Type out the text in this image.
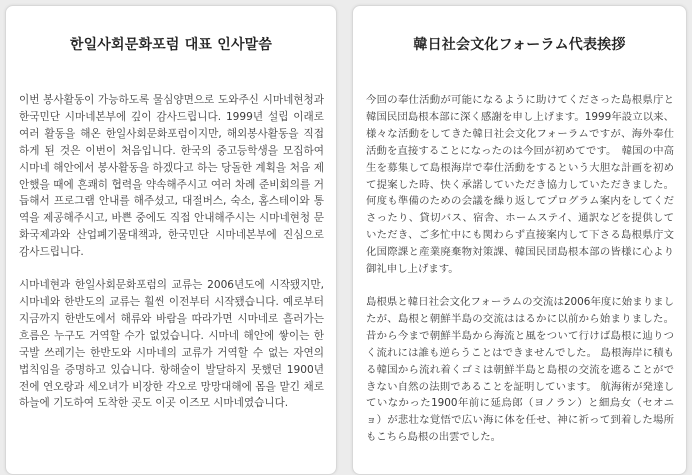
한일사회문화포럼 대표 인사말씀

이번 봉사활동이 가능하도록 물심양면으로 도와주신 시마네현청과 한국민단 시마네본부에 깊이 감사드립니다. 1999년 설립 이래로 여러 활동을 해온 한일사회문화포럼이지만, 해외봉사활동을 직접 하게 된 것은 이번이 처음입니다. 한국의 중고등학생을 모집하여 시마네 해안에서 봉사활동을 하겠다고 하는 당돌한 계획을 처음 제안했을 때에 흔쾌히 협력을 약속해주시고 여러 차례 준비회의를 거듭해서 프로그램 안내를 해주셨고, 대절버스, 숙소, 홈스테이와 통역을 제공해주시고, 바쁜 중에도 직접 안내해주시는 시마네현청 문화국제과와 산업폐기물대책과, 한국민단 시마네본부에 진심으로 감사드립니다.

시마네현과 한일사회문화포럼의 교류는 2006년도에 시작됐지만, 시마네와 한반도의 교류는 훨씬 이전부터 시작됐습니다. 예로부터 지금까지 한반도에서 해류와 바람을 따라가면 시마네로 흘러가는 흐름은 누구도 거역할 수가 없었습니다. 시마네 해안에 쌓이는 한국발 쓰레기는 한반도와 시마네의 교류가 거역할 수 없는 자연의 법칙임을 증명하고 있습니다. 항해술이 발달하지 못했던 1900년 전에 연오랑과 세오녀가 비장한 각오로 망망대해에 몸을 맡긴 채로 하늘에 기도하여 도착한 곳도 이곳 이즈모 시마네였습니다.

韓日社会文化フォーラム代表挨拶

今回の奉仕活動が可能になるように助けてくださった島根県庁と韓国民団島根本部に深く感謝を申し上げます。1999年設立以来、様々な活動をしてきた韓日社会文化フォーラムですが、海外奉仕活動を直接することになったのは今回が初めてです。　韓国の中高生を募集して島根海岸で奉仕活動をするという大胆な計画を初めて提案した時、快く承諾していただき協力していただきました。何度も準備のための会議を繰り返してプログラム案内をしてくださったり、貸切バス、宿舎、ホームステイ、通訳などを提供していただき、ご多忙中にも関わらず直接案内して下さる島根県庁文化国際課と産業廃棄物対策課、韓国民団島根本部の皆様に心より御礼申し上げます。

島根県と韓日社会文化フォーラムの交流は2006年度に始まりましたが、島根と朝鮮半島の交流ははるかに以前から始まりました。 昔から今まで朝鮮半島から海流と風をついて行けば島根に辿りつく流れには誰も逆らうことはできませんでした。 島根海岸に積もる韓国から流れ着くゴミは朝鮮半島と島根の交流を遮ることができない自然の法則であることを証明しています。 航海術が発達していなかった1900年前に延烏郎（ヨノラン）と細烏女（セオニョ）が悲壮な覚悟で広い海に体を任せ、神に祈って到着した場所もこちら島根の出雲でした。
